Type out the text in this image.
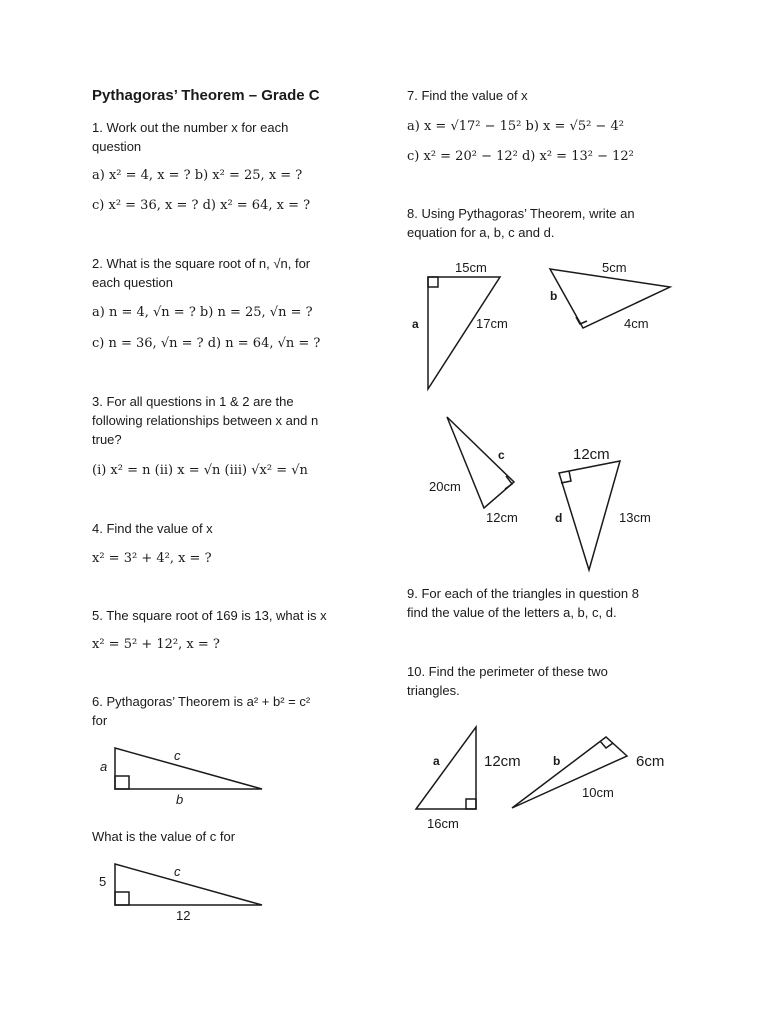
Pythagoras’ Theorem – Grade C
1. Work out the number x for each
question
a) x² = 4, x = ? b) x² = 25, x = ?
c) x² = 36, x = ? d) x² = 64, x = ?
2. What is the square root of n, √n, for
each question
a) n = 4, √n = ? b) n = 25, √n = ?
c) n = 36, √n = ? d) n = 64, √n = ?
3. For all questions in 1 & 2 are the
following relationships between x and n
true?
(i) x² = n (ii) x = √n (iii) √x² = √n
4. Find the value of x
x² = 3² + 4², x = ?
5. The square root of 169 is 13, what is x
x² = 5² + 12², x = ?
6. Pythagoras’ Theorem is a² + b² = c²
for
What is the value of c for
7. Find the value of x
a) x = √17² − 15² b) x = √5² − 4²
c) x² = 20² − 12² d) x² = 13² − 12²
8. Using Pythagoras’ Theorem, write an
equation for a, b, c and d.
9. For each of the triangles in question 8
find the value of the letters a, b, c, d.
10. Find the perimeter of these two
triangles.
a
c
b
5
c
12
15cm
17cm
a
5cm
b
4cm
c
20cm
12cm
12cm
d	13cm
a	12cm
16cm
b	6cm
10cm
